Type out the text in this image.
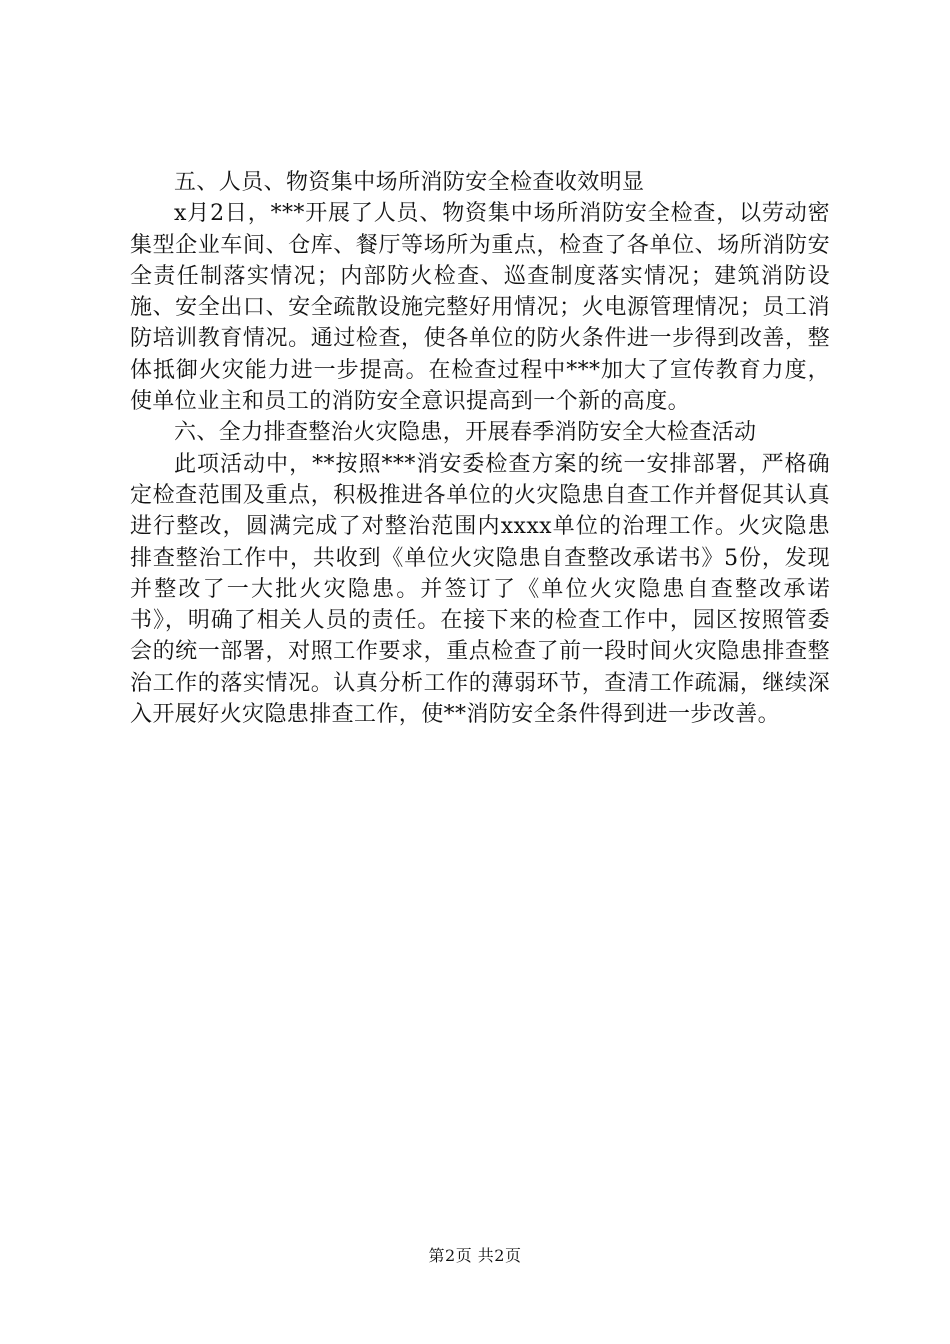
五、人员、物资集中场所消防安全检查收效明显

x月2日，***开展了人员、物资集中场所消防安全检查，以劳动密集型企业车间、仓库、餐厅等场所为重点，检查了各单位、场所消防安全责任制落实情况；内部防火检查、巡查制度落实情况；建筑消防设施、安全出口、安全疏散设施完整好用情况；火电源管理情况；员工消防培训教育情况。通过检查，使各单位的防火条件进一步得到改善，整体抵御火灾能力进一步提高。在检查过程中***加大了宣传教育力度，使单位业主和员工的消防安全意识提高到一个新的高度。

六、全力排查整治火灾隐患，开展春季消防安全大检查活动

此项活动中，**按照***消安委检查方案的统一安排部署，严格确定检查范围及重点，积极推进各单位的火灾隐患自查工作并督促其认真进行整改，圆满完成了对整治范围内xxxx单位的治理工作。火灾隐患排查整治工作中，共收到《单位火灾隐患自查整改承诺书》5份，发现并整改了一大批火灾隐患。并签订了《单位火灾隐患自查整改承诺书》，明确了相关人员的责任。在接下来的检查工作中，园区按照管委会的统一部署，对照工作要求，重点检查了前一段时间火灾隐患排查整治工作的落实情况。认真分析工作的薄弱环节，查清工作疏漏，继续深入开展好火灾隐患排查工作，使**消防安全条件得到进一步改善。

第2页 共2页
